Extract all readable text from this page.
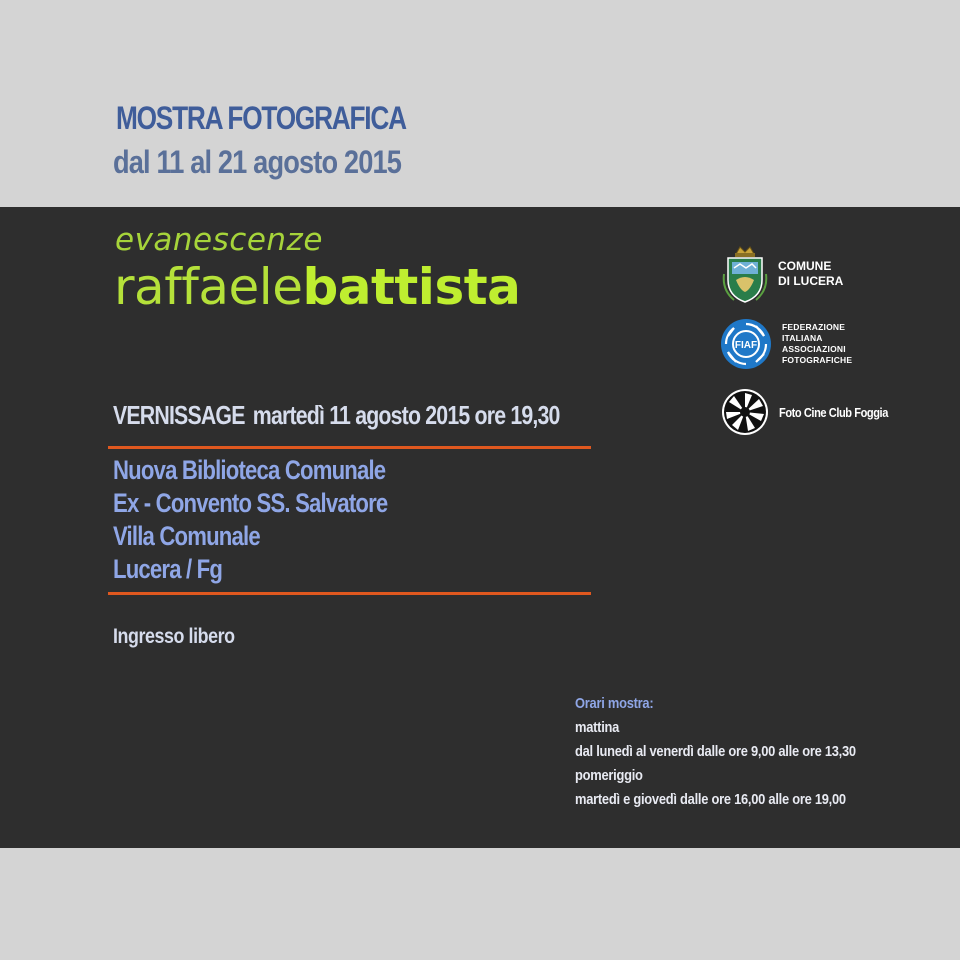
MOSTRA FOTOGRAFICA
dal 11 al 21 agosto 2015
evanescenze
raffaelebattista
VERNISSAGE martedì 11 agosto 2015 ore 19,30
Nuova Biblioteca Comunale
Ex - Convento SS. Salvatore
Villa Comunale
Lucera / Fg
Ingresso libero
Orari mostra:
mattina
dal lunedì al venerdì dalle ore 9,00 alle ore 13,30
pomeriggio
martedì e giovedì dalle ore 16,00 alle ore 19,00
COMUNE
DI LUCERA
FIAF
FEDERAZIONE
ITALIANA
ASSOCIAZIONI
FOTOGRAFICHE
Foto Cine Club Foggia
